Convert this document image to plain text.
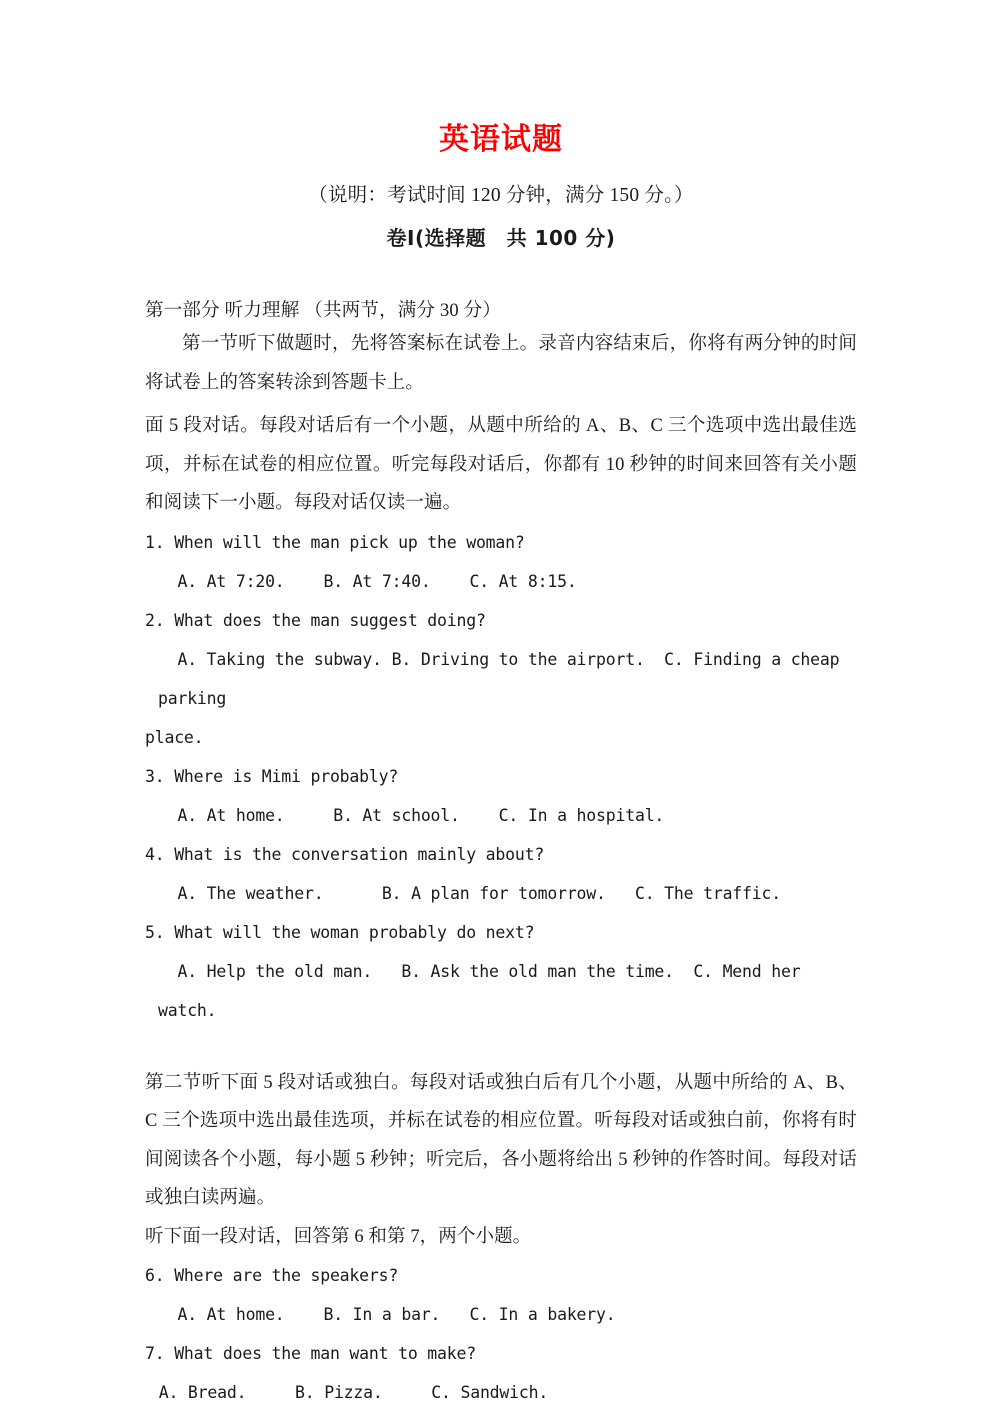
英语试题

（说明：考试时间 120 分钟，满分 150 分。）

卷Ⅰ(选择题　共 100 分)

第一部分 听力理解 （共两节，满分 30 分）

第一节听下做题时，先将答案标在试卷上。录音内容结束后，你将有两分钟的时间将试卷上的答案转涂到答题卡上。

面 5 段对话。每段对话后有一个小题，从题中所给的 A、B、C 三个选项中选出最佳选项，并标在试卷的相应位置。听完每段对话后，你都有 10 秒钟的时间来回答有关小题和阅读下一小题。每段对话仅读一遍。

1. When will the man pick up the woman?

A. At 7:20.    B. At 7:40.    C. At 8:15.

2. What does the man suggest doing?

A. Taking the subway. B. Driving to the airport.  C. Finding a cheap parking

place.

3. Where is Mimi probably?

A. At home.     B. At school.    C. In a hospital.

4. What is the conversation mainly about?

A. The weather.      B. A plan for tomorrow.   C. The traffic.

5. What will the woman probably do next?

A. Help the old man.   B. Ask the old man the time.  C. Mend her watch.

第二节听下面 5 段对话或独白。每段对话或独白后有几个小题，从题中所给的 A、B、C 三个选项中选出最佳选项，并标在试卷的相应位置。听每段对话或独白前，你将有时间阅读各个小题，每小题 5 秒钟；听完后，各小题将给出 5 秒钟的作答时间。每段对话或独白读两遍。

听下面一段对话，回答第 6 和第 7，两个小题。

6. Where are the speakers?

A. At home.    B. In a bar.   C. In a bakery.

7. What does the man want to make?

A. Bread.     B. Pizza.     C. Sandwich.
